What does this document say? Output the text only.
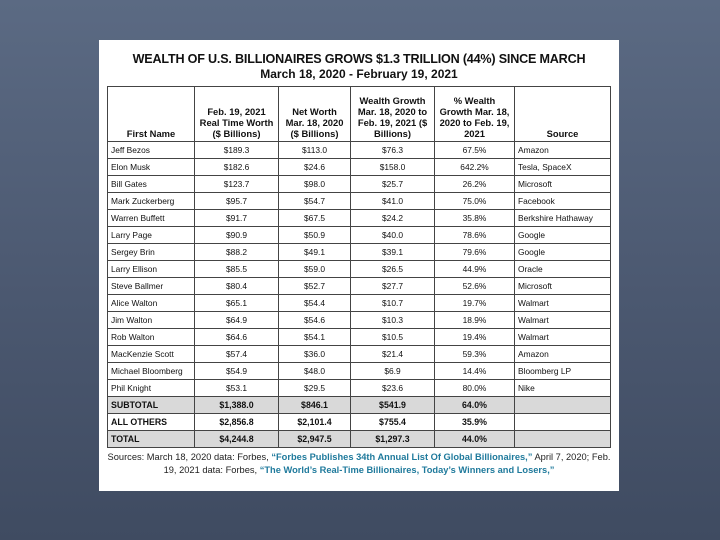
WEALTH OF U.S. BILLIONAIRES GROWS $1.3 TRILLION (44%) SINCE MARCH
March 18, 2020 - February 19, 2021
First Name	Feb. 19, 2021 Real Time Worth ($ Billions)	Net Worth Mar. 18, 2020 ($ Billions)	Wealth Growth Mar. 18, 2020 to Feb. 19, 2021 ($ Billions)	% Wealth Growth Mar. 18, 2020 to Feb. 19, 2021	Source
Jeff Bezos	$189.3	$113.0	$76.3	67.5%	Amazon
Elon Musk	$182.6	$24.6	$158.0	642.2%	Tesla, SpaceX
Bill Gates	$123.7	$98.0	$25.7	26.2%	Microsoft
Mark Zuckerberg	$95.7	$54.7	$41.0	75.0%	Facebook
Warren Buffett	$91.7	$67.5	$24.2	35.8%	Berkshire Hathaway
Larry Page	$90.9	$50.9	$40.0	78.6%	Google
Sergey Brin	$88.2	$49.1	$39.1	79.6%	Google
Larry Ellison	$85.5	$59.0	$26.5	44.9%	Oracle
Steve Ballmer	$80.4	$52.7	$27.7	52.6%	Microsoft
Alice Walton	$65.1	$54.4	$10.7	19.7%	Walmart
Jim Walton	$64.9	$54.6	$10.3	18.9%	Walmart
Rob Walton	$64.6	$54.1	$10.5	19.4%	Walmart
MacKenzie Scott	$57.4	$36.0	$21.4	59.3%	Amazon
Michael Bloomberg	$54.9	$48.0	$6.9	14.4%	Bloomberg LP
Phil Knight	$53.1	$29.5	$23.6	80.0%	Nike
SUBTOTAL	$1,388.0	$846.1	$541.9	64.0%	
ALL OTHERS	$2,856.8	$2,101.4	$755.4	35.9%	
TOTAL	$4,244.8	$2,947.5	$1,297.3	44.0%	
Sources: March 18, 2020 data: Forbes, “Forbes Publishes 34th Annual List Of Global Billionaires,” April 7, 2020; Feb. 19, 2021 data: Forbes, “The World’s Real-Time Billionaires, Today’s Winners and Losers,”
